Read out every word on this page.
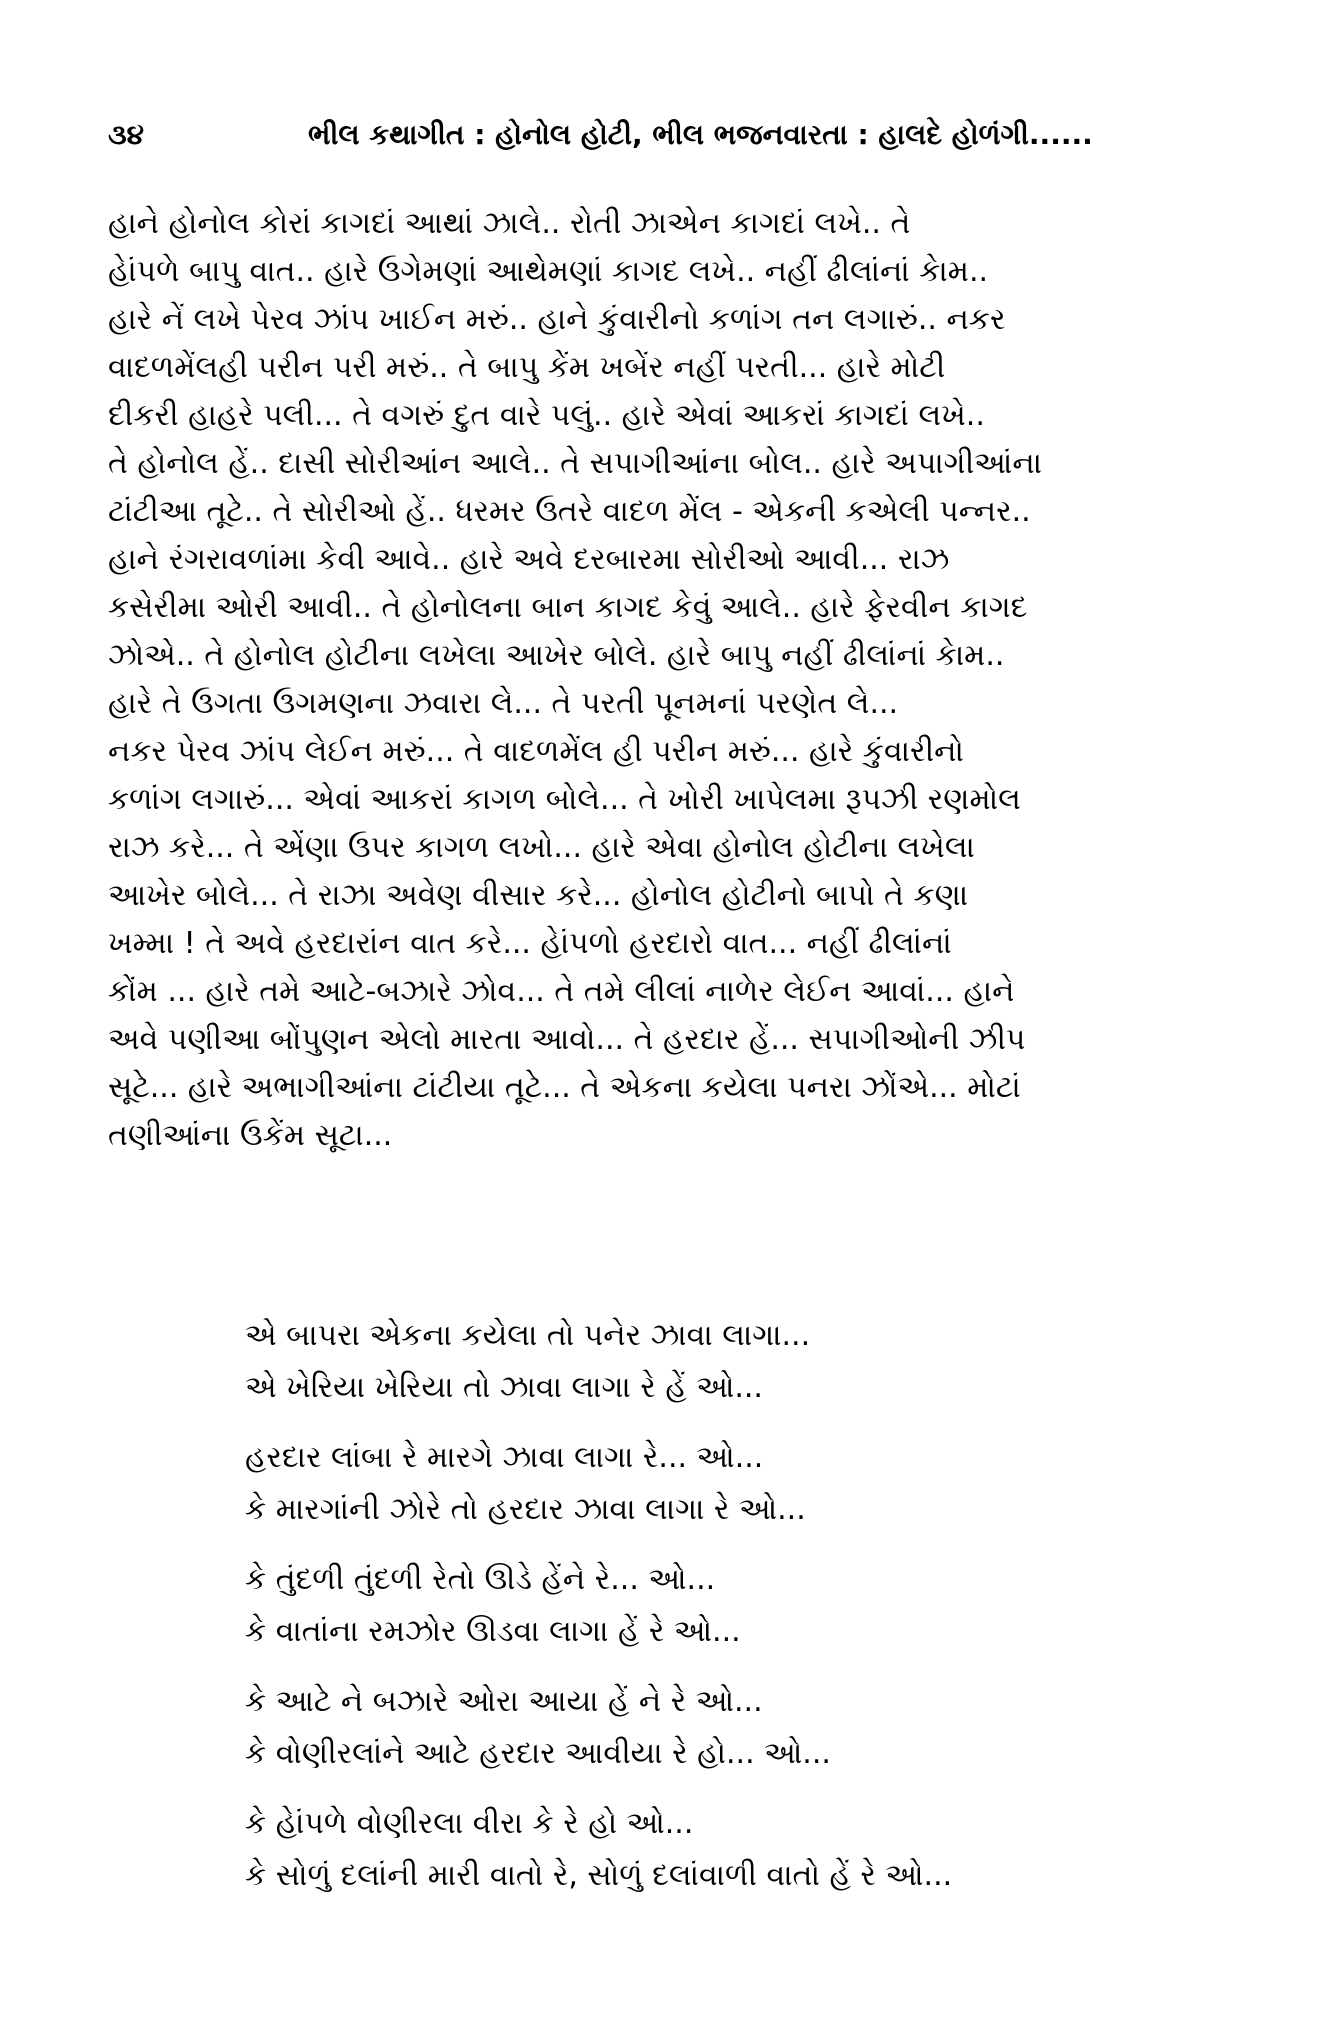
૩૪	ભીલ કથાગીત : હોનોલ હોટી, ભીલ ભજનવારતા : હાલદે હોળંગી......

હાને હોનોલ કોરાં કાગદાં આથાં ઝાલે.. રોતી ઝાએન કાગદાં લખે.. તે
હેાંપળે બાપુ વાત.. હારે ઉગેમણાં આથેમણાં કાગદ લખે.. નહીં ઢીલાંનાં કેામ..
હારે નેં લખે પેરવ ઝાંપ ખાઈન મરું.. હાને કુંવારીનો કળાંગ તન લગારું.. નકર
વાદળમેંલહી પરીન પરી મરું.. તે બાપુ કેંમ ખબેંર નહીં પરતી... હારે મોટી
દીકરી હાહરે પલી... તે વગરું દુત વારે પલું.. હારે એવાં આકરાં કાગદાં લખે..
તે હોનોલ હેં.. દાસી સોરીઆંન આલે.. તે સપાગીઆંના બોલ.. હારે અપાગીઆંના
ટાંટીઆ તૂટે.. તે સોરીઓ હેં.. ધરમર ઉતરે વાદળ મેંલ - એકની કએલી પન્નર..
હાને રંગરાવળાંમા કેવી આવે.. હારે અવે દરબારમા સોરીઓ આવી... રાઝ
કસેરીમા ઓરી આવી.. તે હોનોલના બાન કાગદ કેવું આલે.. હારે ફેરવીન કાગદ
ઝોએ.. તે હોનોલ હોટીના લખેલા આખેર બોલે. હારે બાપુ નહીં ઢીલાંનાં કેામ..

હારે તે ઉગતા ઉગમણના ઝવારા લે... તે પરતી પૂનમનાં પરણેત લે...
નકર પેરવ ઝાંપ લેઈન મરું... તે વાદળમેંલ હી પરીન મરું... હારે કુંવારીનો
કળાંગ લગારું... એવાં આકરાં કાગળ બોલે... તે ખોરી ખાપેલમા રૂપઝી રણમોલ
રાઝ કરે... તે એંણા ઉપર કાગળ લખો... હારે એવા હોનોલ હોટીના લખેલા
આખેર બોલે... તે રાઝા અવેણ વીસાર કરે... હોનોલ હોટીનો બાપો તે કણા
ખમ્મા ! તે અવે હરદારાંન વાત કરે... હેાંપળો હરદારો વાત... નહીં ઢીલાંનાં
કોંમ ... હારે તમે આટે-બઝારે ઝોવ... તે તમે લીલાં નાળેર લેઈન આવાં... હાને
અવે પણીઆ બોંપુણન એલો મારતા આવો... તે હરદાર હેં... સપાગીઓની ઝીપ
સૂટે... હારે અભાગીઆંના ટાંટીયા તૂટે... તે એકના કયેલા પનરા ઝોંએ... મોટાં
તણીઆંના ઉકેંમ સૂટા...

એ બાપરા એકના કયેલા તો પનેર ઝાવા લાગા...
એ ખેરિયા ખેરિયા તો ઝાવા લાગા રે હેં ઓ...
હરદાર લાંબા રે મારગે ઝાવા લાગા રે... ઓ...
કે મારગાંની ઝોરે તો હરદાર ઝાવા લાગા રે ઓ...
કે તુંદળી તુંદળી રેતો ઊડે હેંને રે... ઓ...
કે વાતાંના રમઝોર ઊડવા લાગા હેં રે ઓ...
કે આટે ને બઝારે ઓરા આયા હેં ને રે ઓ...
કે વોણીરલાંને આટે હરદાર આવીયા રે હો... ઓ...
કે હેાંપળે વોણીરલા વીરા કે રે હો ઓ...
કે સોળું દલાંની મારી વાતો રે, સોળું દલાંવાળી વાતો હેં રે ઓ...
